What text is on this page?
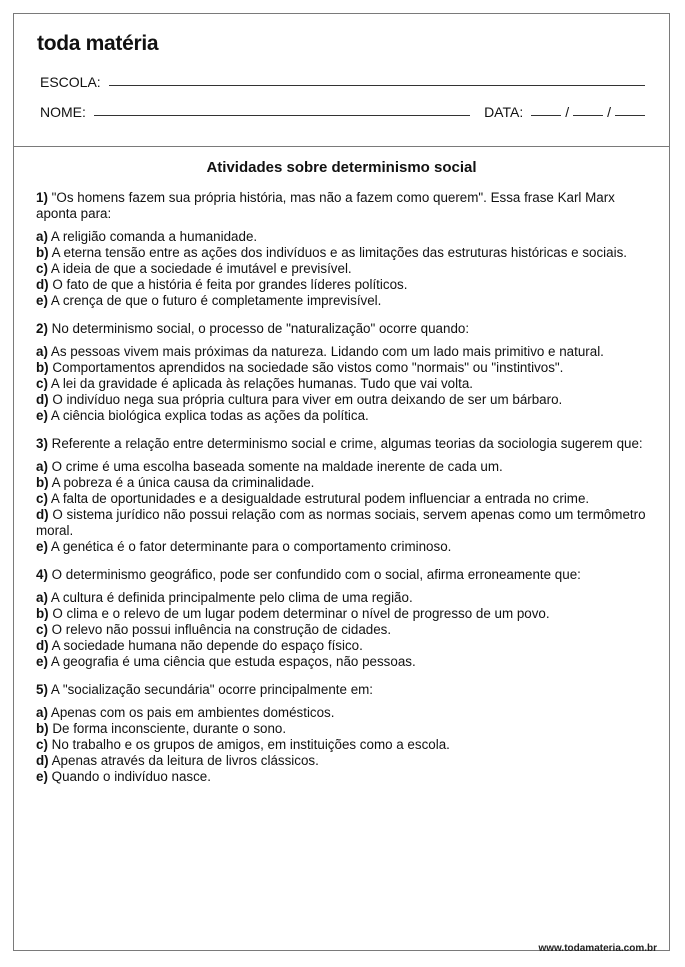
toda matéria
ESCOLA:
NOME:	DATA:	/	/
Atividades sobre determinismo social
1) "Os homens fazem sua própria história, mas não a fazem como querem". Essa frase Karl Marx aponta para:
a) A religião comanda a humanidade.
b) A eterna tensão entre as ações dos indivíduos e as limitações das estruturas históricas e sociais.
c) A ideia de que a sociedade é imutável e previsível.
d) O fato de que a história é feita por grandes líderes políticos.
e) A crença de que o futuro é completamente imprevisível.
2) No determinismo social, o processo de "naturalização" ocorre quando:
a) As pessoas vivem mais próximas da natureza. Lidando com um lado mais primitivo e natural.
b) Comportamentos aprendidos na sociedade são vistos como "normais" ou "instintivos".
c) A lei da gravidade é aplicada às relações humanas. Tudo que vai volta.
d) O indivíduo nega sua própria cultura para viver em outra deixando de ser um bárbaro.
e) A ciência biológica explica todas as ações da política.
3) Referente a relação entre determinismo social e crime, algumas teorias da sociologia sugerem que:
a) O crime é uma escolha baseada somente na maldade inerente de cada um.
b) A pobreza é a única causa da criminalidade.
c) A falta de oportunidades e a desigualdade estrutural podem influenciar a entrada no crime.
d) O sistema jurídico não possui relação com as normas sociais, servem apenas como um termômetro moral.
e) A genética é o fator determinante para o comportamento criminoso.
4) O determinismo geográfico, pode ser confundido com o social, afirma erroneamente que:
a) A cultura é definida principalmente pelo clima de uma região.
b) O clima e o relevo de um lugar podem determinar o nível de progresso de um povo.
c) O relevo não possui influência na construção de cidades.
d) A sociedade humana não depende do espaço físico.
e) A geografia é uma ciência que estuda espaços, não pessoas.
5) A "socialização secundária" ocorre principalmente em:
a) Apenas com os pais em ambientes domésticos.
b) De forma inconsciente, durante o sono.
c) No trabalho e os grupos de amigos, em instituições como a escola.
d) Apenas através da leitura de livros clássicos.
e) Quando o indivíduo nasce.
www.todamateria.com.br
